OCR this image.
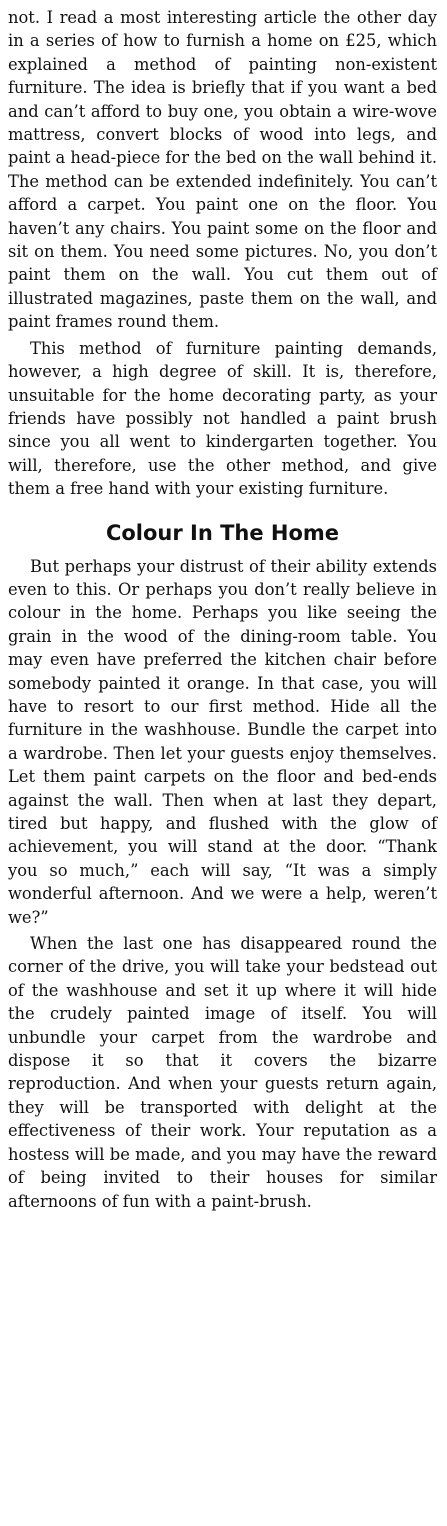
not. I read a most interesting article the other day in a series of how to furnish a home on £25, which explained a method of painting non-existent furniture. The idea is briefly that if you want a bed and can’t afford to buy one, you obtain a wire-wove mattress, convert blocks of wood into legs, and paint a head-piece for the bed on the wall behind it. The method can be extended indefinitely. You can’t afford a carpet. You paint one on the floor. You haven’t any chairs. You paint some on the floor and sit on them. You need some pictures. No, you don’t paint them on the wall. You cut them out of illustrated magazines, paste them on the wall, and paint frames round them.

This method of furniture painting demands, however, a high degree of skill. It is, therefore, unsuitable for the home decorating party, as your friends have possibly not handled a paint brush since you all went to kindergarten together. You will, therefore, use the other method, and give them a free hand with your existing furniture.

Colour In The Home

But perhaps your distrust of their ability extends even to this. Or perhaps you don’t really believe in colour in the home. Perhaps you like seeing the grain in the wood of the dining-room table. You may even have preferred the kitchen chair before somebody painted it orange. In that case, you will have to resort to our first method. Hide all the furniture in the washhouse. Bundle the carpet into a wardrobe. Then let your guests enjoy themselves. Let them paint carpets on the floor and bed-ends against the wall. Then when at last they depart, tired but happy, and flushed with the glow of achievement, you will stand at the door. “Thank you so much,” each will say, “It was a simply wonderful afternoon. And we were a help, weren’t we?”

When the last one has disappeared round the corner of the drive, you will take your bedstead out of the washhouse and set it up where it will hide the crudely painted image of itself. You will unbundle your carpet from the wardrobe and dispose it so that it covers the bizarre reproduction. And when your guests return again, they will be transported with delight at the effectiveness of their work. Your reputation as a hostess will be made, and you may have the reward of being invited to their houses for similar afternoons of fun with a paint-brush.
